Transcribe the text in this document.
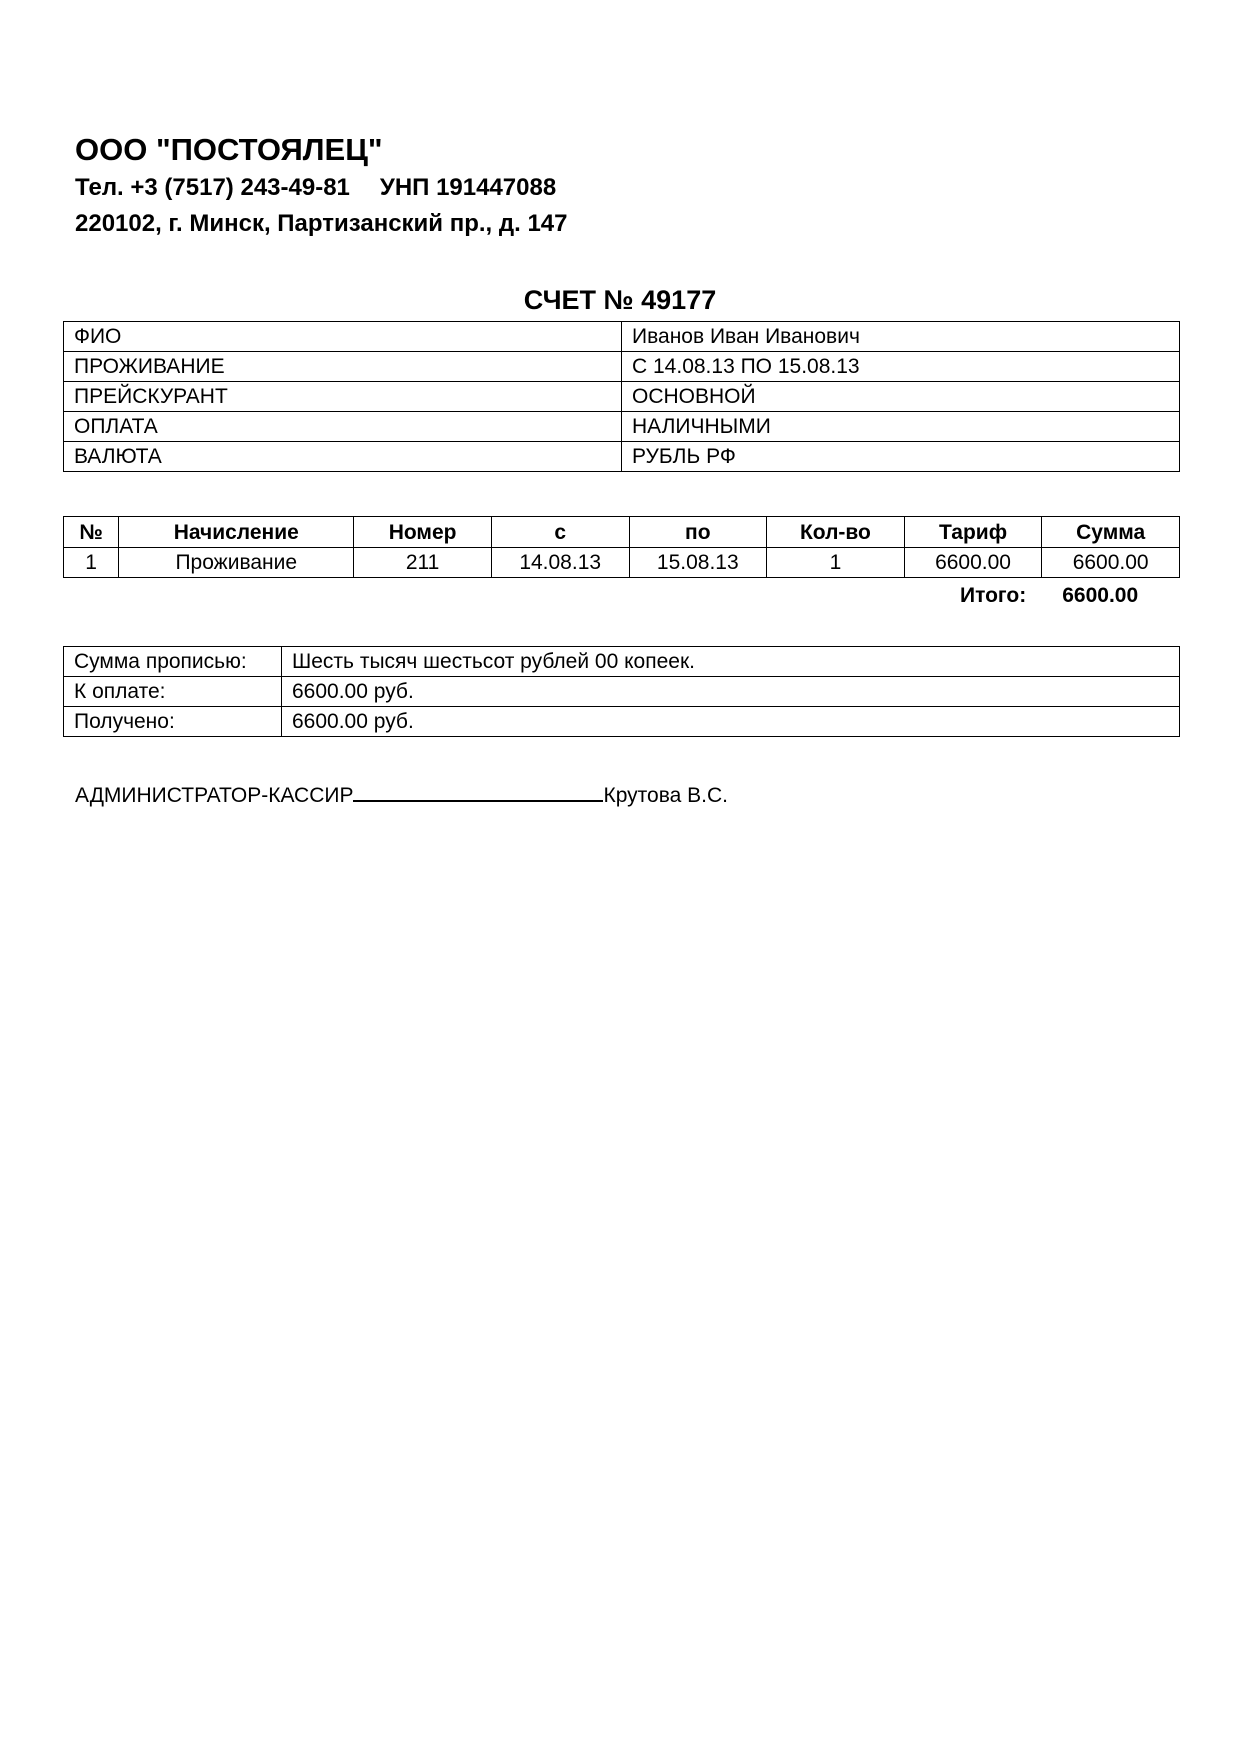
ООО "ПОСТОЯЛЕЦ"
Тел. +3 (7517) 243-49-81 УНП 191447088
220102, г. Минск, Партизанский пр., д. 147
СЧЕТ № 49177
ФИО	Иванов Иван Иванович
ПРОЖИВАНИЕ	С 14.08.13 ПО 15.08.13
ПРЕЙСКУРАНТ	ОСНОВНОЙ
ОПЛАТА	НАЛИЧНЫМИ
ВАЛЮТА	РУБЛЬ РФ
№	Начисление	Номер	с	по	Кол-во	Тариф	Сумма
1	Проживание	211	14.08.13	15.08.13	1	6600.00	6600.00
Итого: 6600.00
Сумма прописью:	Шесть тысяч шестьсот рублей 00 копеек.
К оплате:	6600.00 руб.
Получено:	6600.00 руб.
АДМИНИСТРАТОР-КАССИР	Крутова В.С.
